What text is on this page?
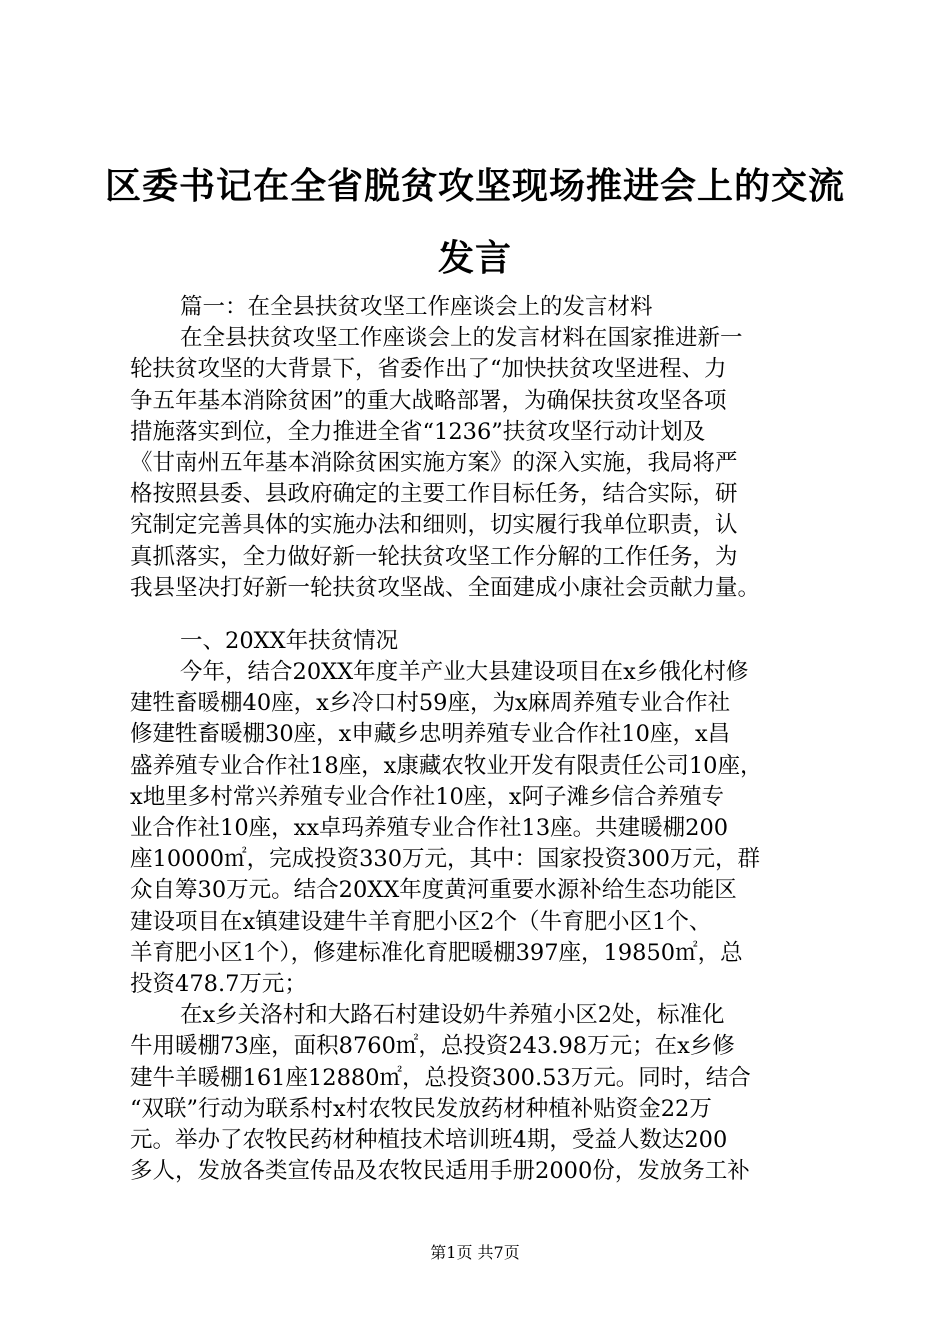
区委书记在全省脱贫攻坚现场推进会上的交流
发言
篇一：在全县扶贫攻坚工作座谈会上的发言材料
在全县扶贫攻坚工作座谈会上的发言材料在国家推进新一
轮扶贫攻坚的大背景下，省委作出了“加快扶贫攻坚进程、力
争五年基本消除贫困”的重大战略部署，为确保扶贫攻坚各项
措施落实到位，全力推进全省“1236”扶贫攻坚行动计划及
《甘南州五年基本消除贫困实施方案》的深入实施，我局将严
格按照县委、县政府确定的主要工作目标任务，结合实际，研
究制定完善具体的实施办法和细则，切实履行我单位职责，认
真抓落实，全力做好新一轮扶贫攻坚工作分解的工作任务，为
我县坚决打好新一轮扶贫攻坚战、全面建成小康社会贡献力量。
一、20XX年扶贫情况
今年，结合20XX年度羊产业大县建设项目在x乡俄化村修
建牲畜暖棚40座，x乡冷口村59座，为x麻周养殖专业合作社
修建牲畜暖棚30座，x申藏乡忠明养殖专业合作社10座，x昌
盛养殖专业合作社18座，x康藏农牧业开发有限责任公司10座，
x地里多村常兴养殖专业合作社10座，x阿子滩乡信合养殖专
业合作社10座，xx卓玛养殖专业合作社13座。共建暖棚200
座10000㎡，完成投资330万元，其中：国家投资300万元，群
众自筹30万元。结合20XX年度黄河重要水源补给生态功能区
建设项目在x镇建设建牛羊育肥小区2个（牛育肥小区1个、
羊育肥小区1个），修建标准化育肥暖棚397座，19850㎡，总
投资478.7万元；
在x乡关洛村和大路石村建设奶牛养殖小区2处，标准化
牛用暖棚73座，面积8760㎡，总投资243.98万元；在x乡修
建牛羊暖棚161座12880㎡，总投资300.53万元。同时，结合
“双联”行动为联系村x村农牧民发放药材种植补贴资金22万
元。举办了农牧民药材种植技术培训班4期，受益人数达200
多人，发放各类宣传品及农牧民适用手册2000份，发放务工补
第1页 共7页
